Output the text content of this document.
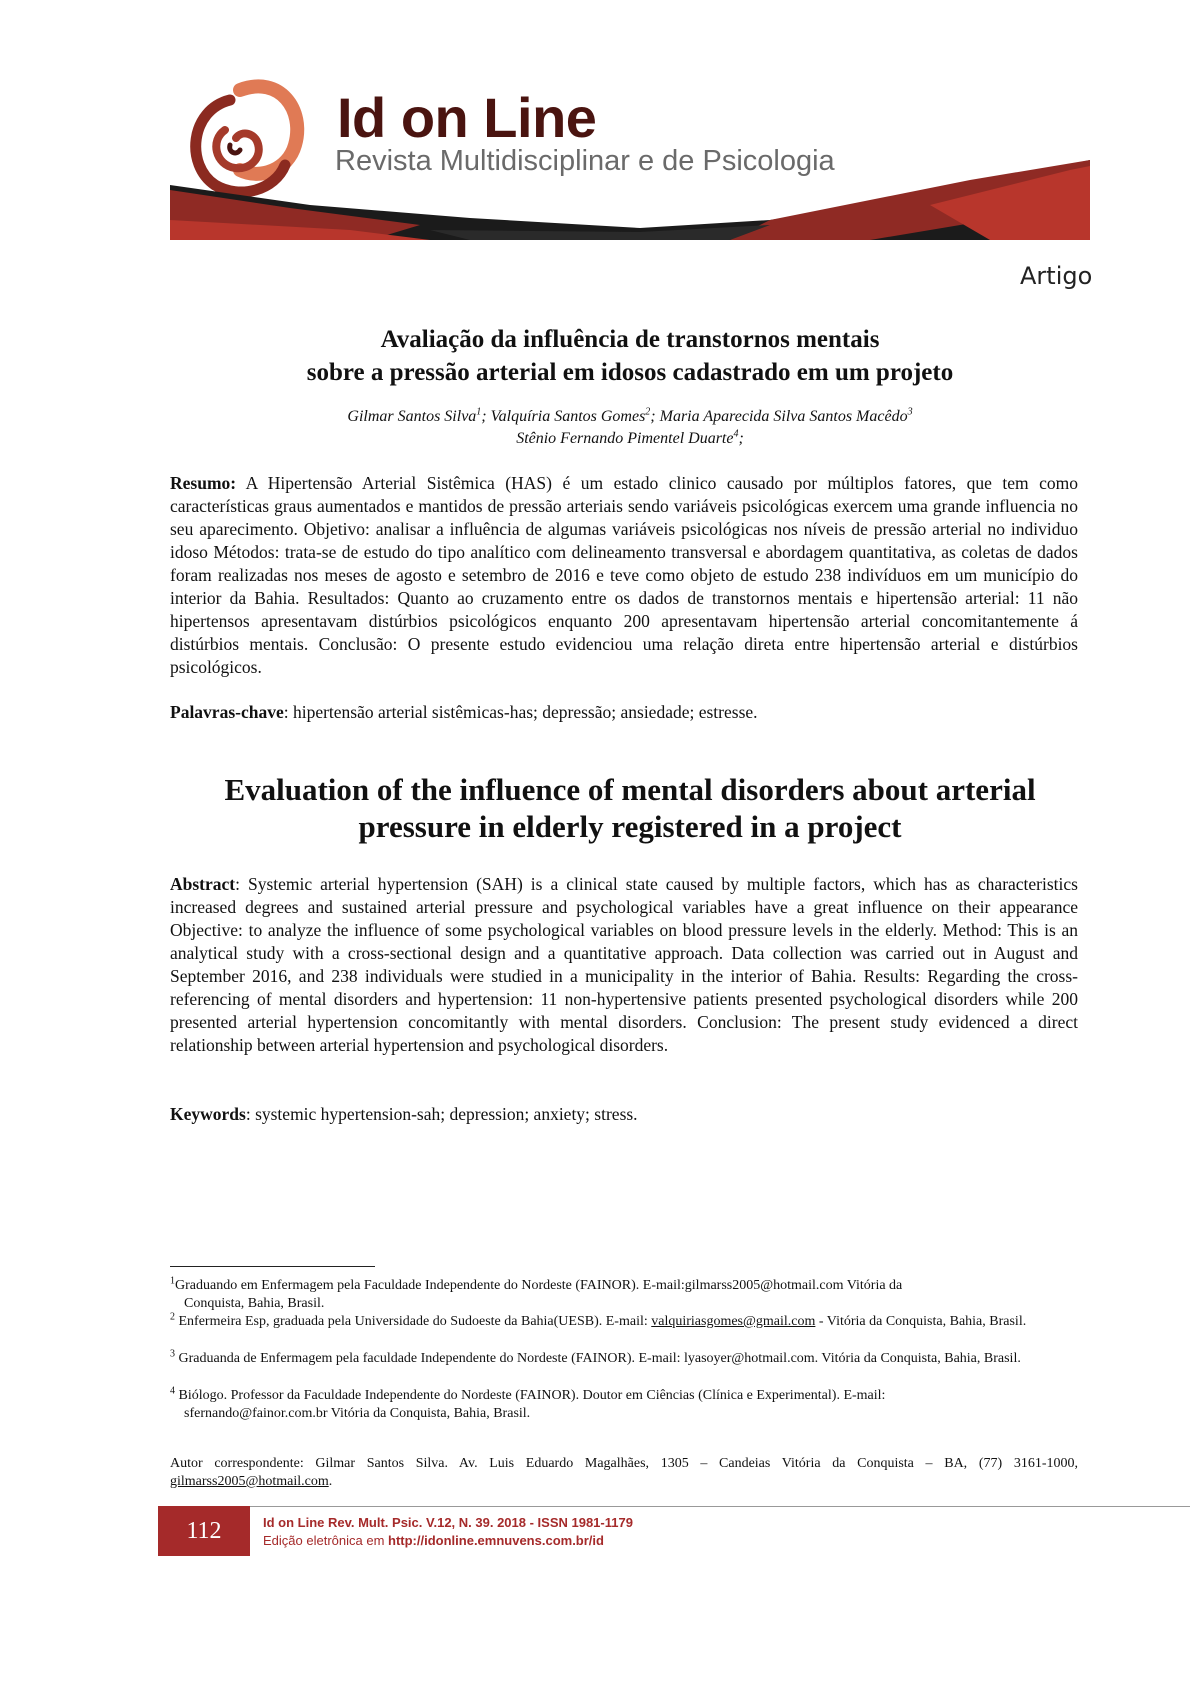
Id on Line
Revista Multidisciplinar e de Psicologia
Artigo
Avaliação da influência de transtornos mentais
sobre a pressão arterial em idosos cadastrado em um projeto
Gilmar Santos Silva$^1$; Valquíria Santos Gomes$^2$; Maria Aparecida Silva Santos Macêdo$^3$
Stênio Fernando Pimentel Duarte$^4$;
Resumo: A Hipertensão Arterial Sistêmica (HAS) é um estado clinico causado por múltiplos fatores, que tem como características graus aumentados e mantidos de pressão arteriais sendo variáveis psicológicas exercem uma grande influencia no seu aparecimento. Objetivo: analisar a influência de algumas variáveis psicológicas nos níveis de pressão arterial no individuo idoso Métodos: trata-se de estudo do tipo analítico com delineamento transversal e abordagem quantitativa, as coletas de dados foram realizadas nos meses de agosto e setembro de 2016 e teve como objeto de estudo 238 indivíduos em um município do interior da Bahia. Resultados: Quanto ao cruzamento entre os dados de transtornos mentais e hipertensão arterial: 11 não hipertensos apresentavam distúrbios psicológicos enquanto 200 apresentavam hipertensão arterial concomitantemente á distúrbios mentais. Conclusão: O presente estudo evidenciou uma relação direta entre hipertensão arterial e distúrbios psicológicos.
Palavras-chave: hipertensão arterial sistêmicas-has; depressão; ansiedade; estresse.
Evaluation of the influence of mental disorders about arterial
pressure in elderly registered in a project
Abstract: Systemic arterial hypertension (SAH) is a clinical state caused by multiple factors, which has as characteristics increased degrees and sustained arterial pressure and psychological variables have a great influence on their appearance Objective: to analyze the influence of some psychological variables on blood pressure levels in the elderly. Method: This is an analytical study with a cross-sectional design and a quantitative approach. Data collection was carried out in August and September 2016, and 238 individuals were studied in a municipality in the interior of Bahia. Results: Regarding the cross-referencing of mental disorders and hypertension: 11 non-hypertensive patients presented psychological disorders while 200 presented arterial hypertension concomitantly with mental disorders. Conclusion: The present study evidenced a direct relationship between arterial hypertension and psychological disorders.
Keywords: systemic hypertension-sah; depression; anxiety; stress.
$^1$Graduando em Enfermagem pela Faculdade Independente do Nordeste (FAINOR). E-mail:gilmarss2005@hotmail.com Vitória da
Conquista, Bahia, Brasil.
$^2$ Enfermeira Esp, graduada pela Universidade do Sudoeste da Bahia(UESB). E-mail: valquiriasgomes@gmail.com - Vitória da Conquista, Bahia, Brasil.
$^3$ Graduanda de Enfermagem pela faculdade Independente do Nordeste (FAINOR). E-mail: lyasoyer@hotmail.com. Vitória da Conquista, Bahia, Brasil.
$^4$ Biólogo. Professor da Faculdade Independente do Nordeste (FAINOR). Doutor em Ciências (Clínica e Experimental). E-mail:
sfernando@fainor.com.br Vitória da Conquista, Bahia, Brasil.
Autor correspondente: Gilmar Santos Silva. Av. Luis Eduardo Magalhães, 1305 – Candeias Vitória da Conquista – BA, (77) 3161-1000, gilmarss2005@hotmail.com.
112	Id on Line Rev. Mult. Psic. V.12, N. 39. 2018 - ISSN 1981-1179
Edição eletrônica em http://idonline.emnuvens.com.br/id
